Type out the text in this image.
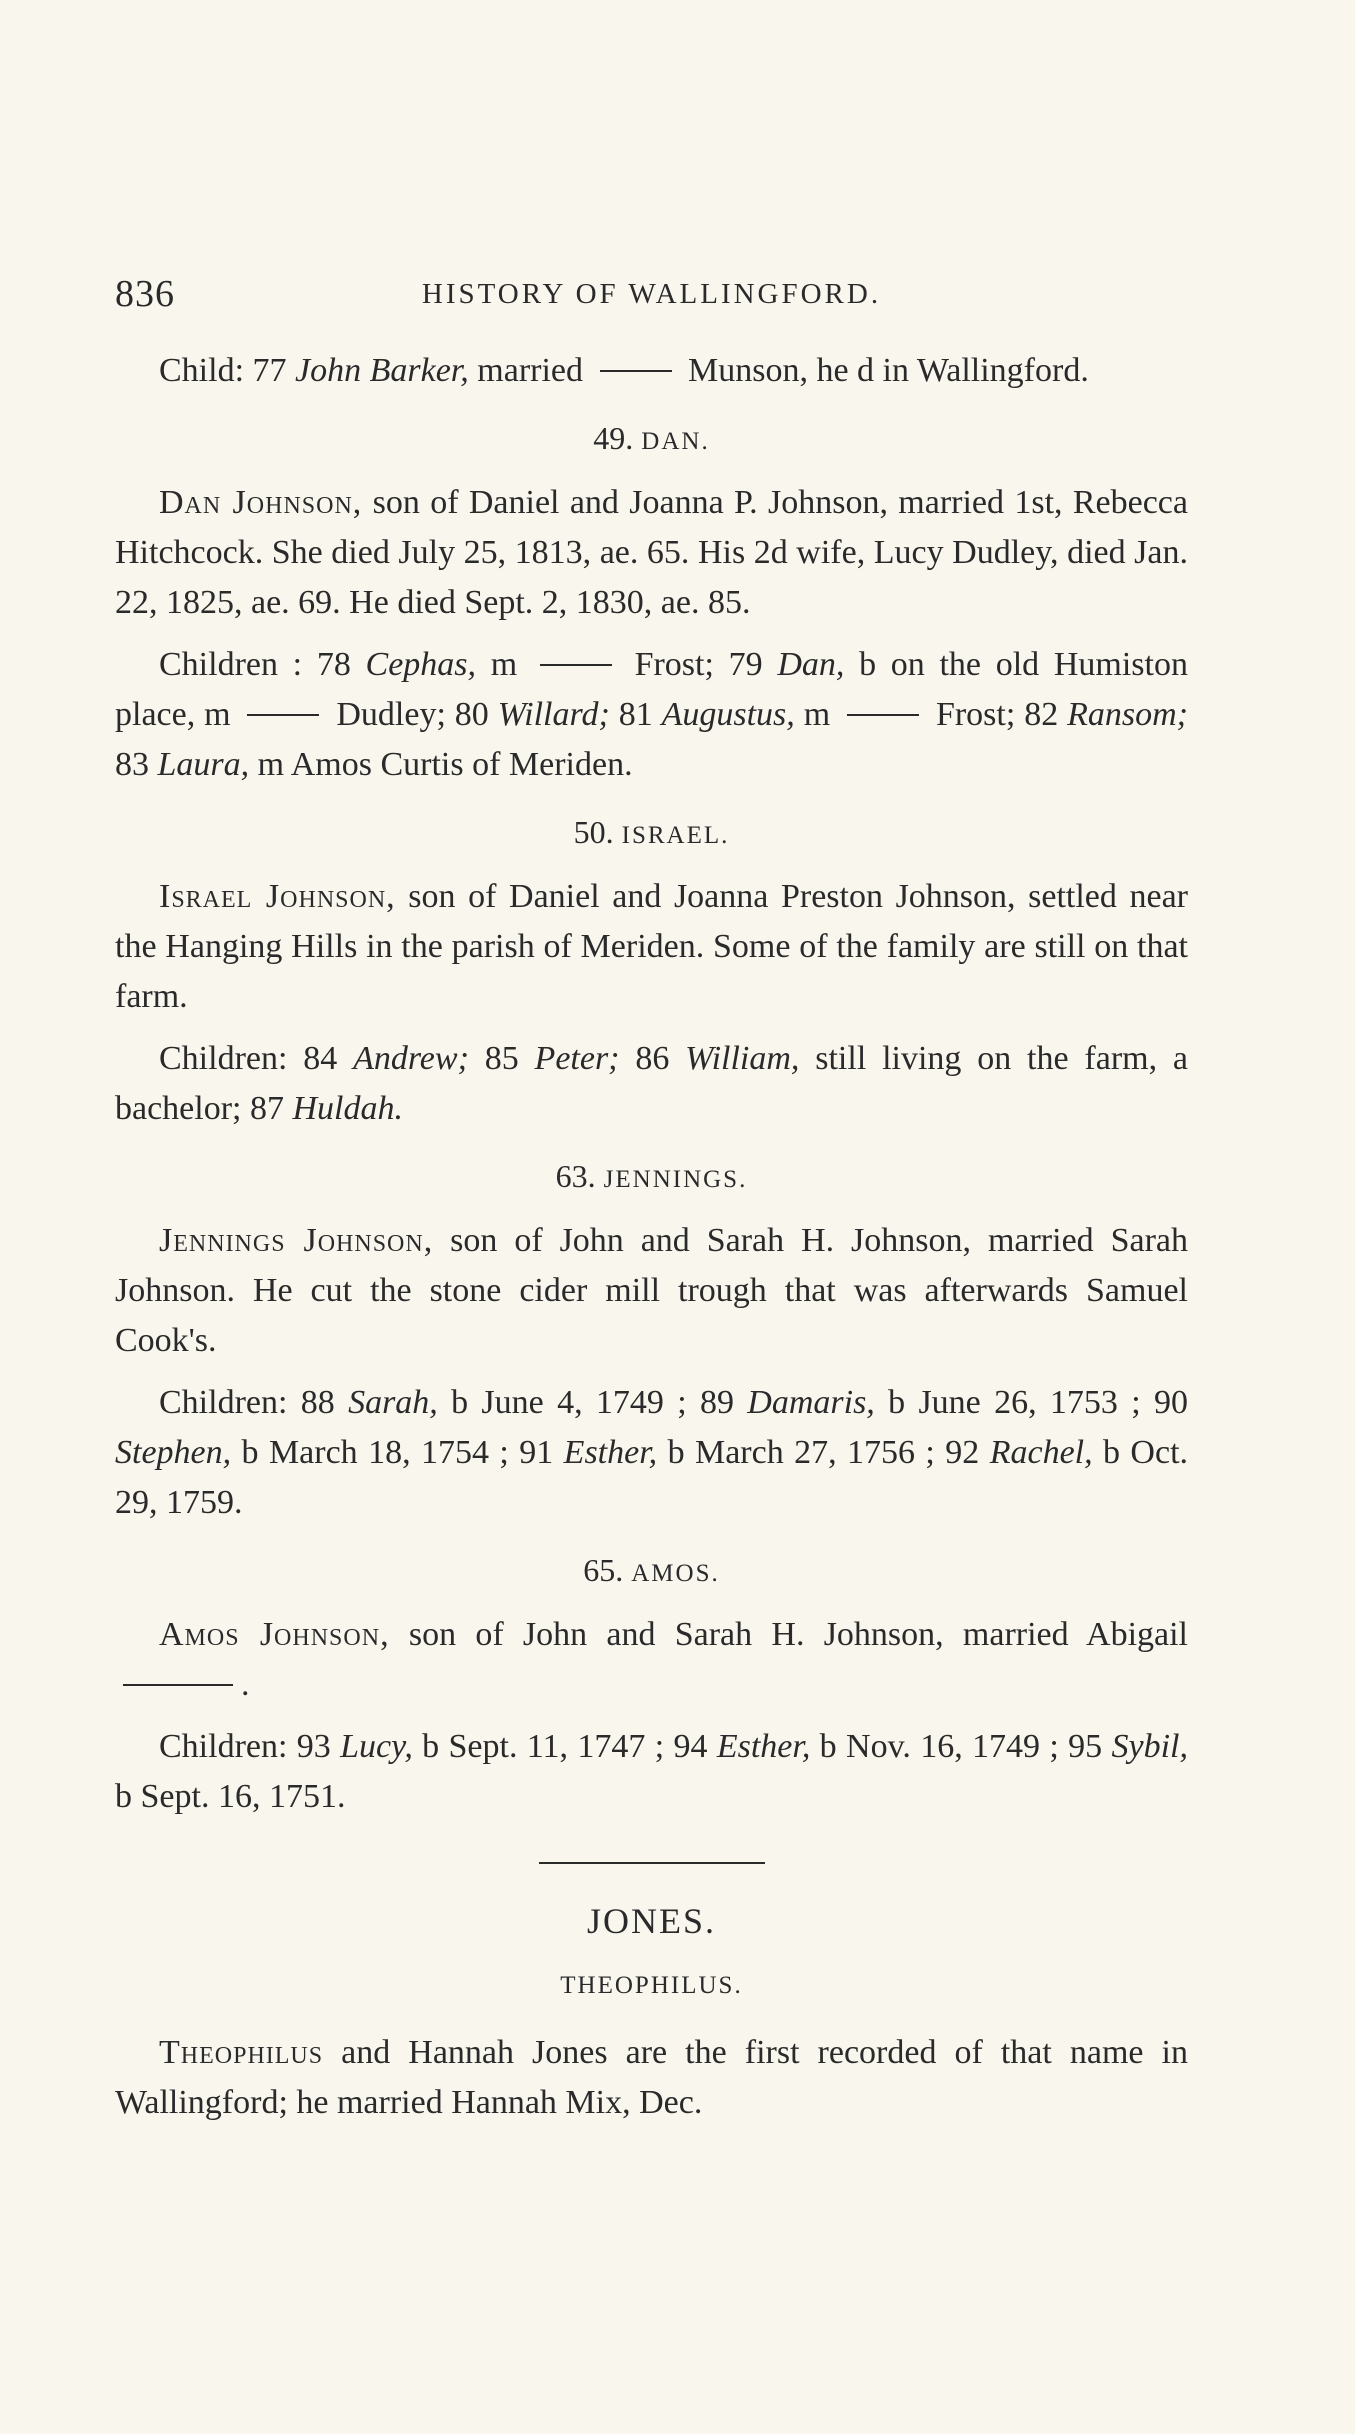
836	HISTORY OF WALLINGFORD.

Child: 77 John Barker, married	Munson, he d in Wallingford.

49. DAN.

Dan Johnson, son of Daniel and Joanna P. Johnson, married 1st, Rebecca Hitchcock. She died July 25, 1813, ae. 65. His 2d wife, Lucy Dudley, died Jan. 22, 1825, ae. 69. He died Sept. 2, 1830, ae. 85.

Children : 78 Cephas, m	Frost; 79 Dan, b on the old Humiston place, m	Dudley; 80 Willard; 81 Augustus, m	Frost; 82 Ransom; 83 Laura, m Amos Curtis of Meriden.

50. ISRAEL.

Israel Johnson, son of Daniel and Joanna Preston Johnson, settled near the Hanging Hills in the parish of Meriden. Some of the family are still on that farm.

Children: 84 Andrew; 85 Peter; 86 William, still living on the farm, a bachelor; 87 Huldah.

63. JENNINGS.

Jennings Johnson, son of John and Sarah H. Johnson, married Sarah Johnson. He cut the stone cider mill trough that was afterwards Samuel Cook's.

Children: 88 Sarah, b June 4, 1749 ; 89 Damaris, b June 26, 1753 ; 90 Stephen, b March 18, 1754 ; 91 Esther, b March 27, 1756 ; 92 Rachel, b Oct. 29, 1759.

65. AMOS.

Amos Johnson, son of John and Sarah H. Johnson, married Abigail .

Children: 93 Lucy, b Sept. 11, 1747 ; 94 Esther, b Nov. 16, 1749 ; 95 Sybil, b Sept. 16, 1751.

JONES.
THEOPHILUS.

Theophilus and Hannah Jones are the first recorded of that name in Wallingford; he married Hannah Mix, Dec.
